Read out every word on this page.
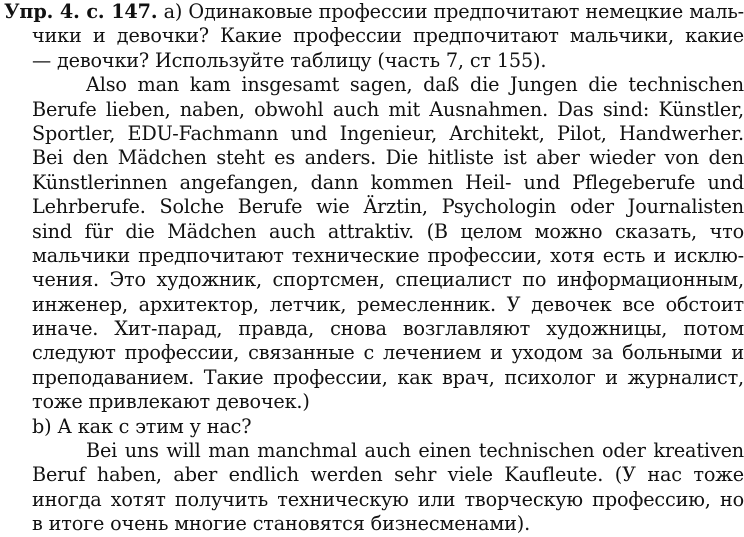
Упр. 4. с. 147. a) Одинаковые профессии предпочитают немецкие маль-
чики и девочки? Какие профессии предпочитают мальчики, какие
— девочки? Используйте таблицу (часть 7, ст 155).
Also man kam insgesamt sagen, daß die Jungen die technischen
Berufe lieben, naben, obwohl auch mit Ausnahmen. Das sind: Künstler,
Sportler, EDU-Fachmann und Ingenieur, Architekt, Pilot, Handwerher.
Bei den Mädchen steht es anders. Die hitliste ist aber wieder von den
Künstlerinnen angefangen, dann kommen Heil- und Pflegeberufe und
Lehrberufe. Solche Berufe wie Ärztin, Psychologin oder Journalisten
sind für die Mädchen auch attraktiv. (В целом можно сказать, что
мальчики предпочитают технические профессии, хотя есть и исклю-
чения. Это художник, спортсмен, специалист по информационным,
инженер, архитектор, летчик, ремесленник. У девочек все обстоит
иначе. Хит-парад, правда, снова возглавляют художницы, потом
следуют профессии, связанные с лечением и уходом за больными и
преподаванием. Такие профессии, как врач, психолог и журналист,
тоже привлекают девочек.)
b) А как с этим у нас?
Bei uns will man manchmal auch einen technischen oder kreativen
Beruf haben, aber endlich werden sehr viele Kaufleute. (У нас тоже
иногда хотят получить техническую или творческую профессию, но
в итоге очень многие становятся бизнесменами).
